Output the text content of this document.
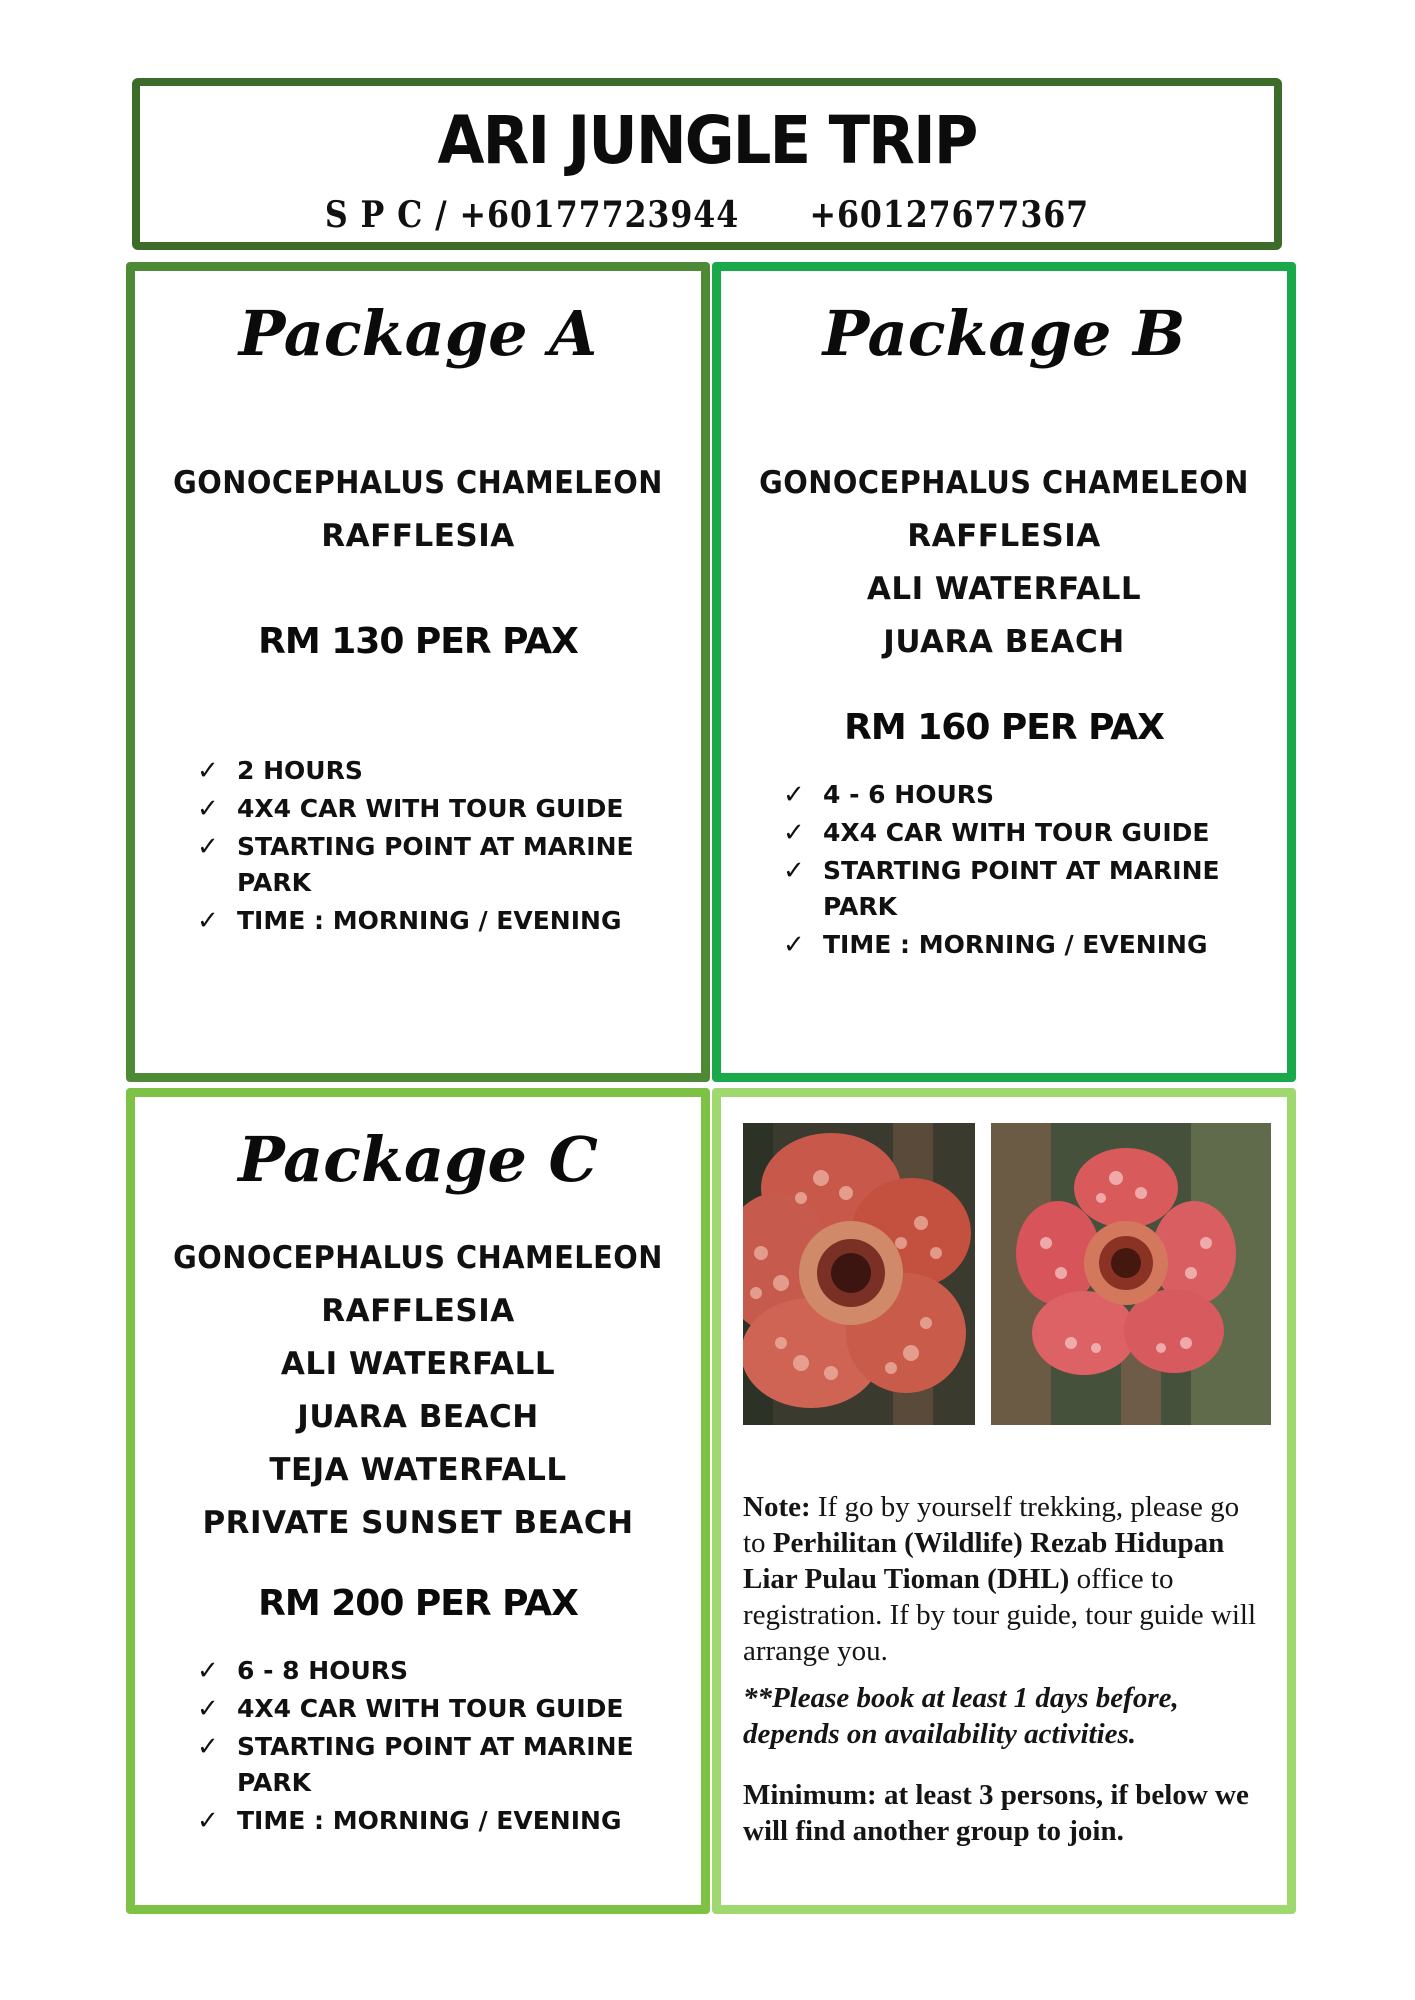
ARI JUNGLE TRIP
S P C / +60177723944 +60127677367
Package A
GONOCEPHALUS CHAMELEON
RAFFLESIA
RM 130 PER PAX
✓ 2 HOURS
✓ 4X4 CAR WITH TOUR GUIDE
✓ STARTING POINT AT MARINE PARK
✓ TIME : MORNING / EVENING
Package B
GONOCEPHALUS CHAMELEON
RAFFLESIA
ALI WATERFALL
JUARA BEACH
RM 160 PER PAX
✓ 4 - 6 HOURS
✓ 4X4 CAR WITH TOUR GUIDE
✓ STARTING POINT AT MARINE PARK
✓ TIME : MORNING / EVENING
Package C
GONOCEPHALUS CHAMELEON
RAFFLESIA
ALI WATERFALL
JUARA BEACH
TEJA WATERFALL
PRIVATE SUNSET BEACH
RM 200 PER PAX
✓ 6 - 8 HOURS
✓ 4X4 CAR WITH TOUR GUIDE
✓ STARTING POINT AT MARINE PARK
✓ TIME : MORNING / EVENING
Note: If go by yourself trekking, please go to Perhilitan (Wildlife) Rezab Hidupan Liar Pulau Tioman (DHL) office to registration. If by tour guide, tour guide will arrange you.
**Please book at least 1 days before, depends on availability activities.
Minimum: at least 3 persons, if below we will find another group to join.
